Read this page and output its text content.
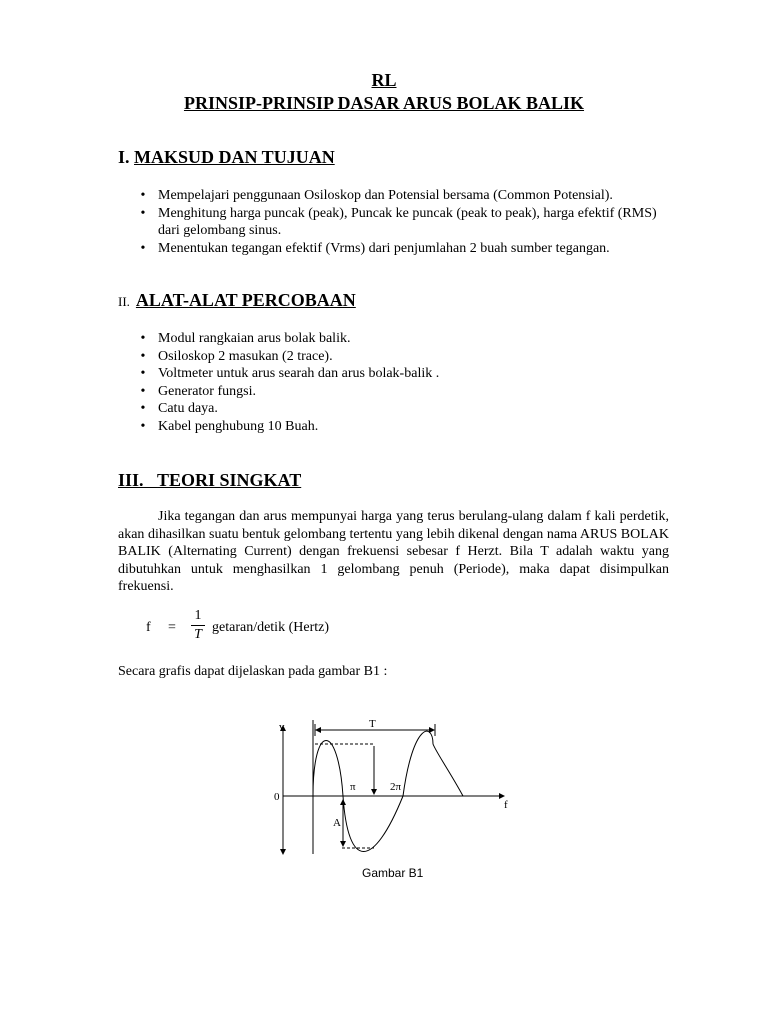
RL
PRINSIP-PRINSIP DASAR ARUS BOLAK BALIK
I. MAKSUD DAN TUJUAN
• Mempelajari penggunaan Osiloskop dan Potensial bersama (Common Potensial).
• Menghitung harga puncak (peak), Puncak ke puncak (peak to peak), harga efektif (RMS) dari gelombang sinus.
• Menentukan tegangan efektif (Vrms) dari penjumlahan 2 buah sumber tegangan.
II. ALAT-ALAT PERCOBAAN
• Modul rangkaian arus bolak balik.
• Osiloskop 2 masukan (2 trace).
• Voltmeter untuk arus searah dan arus bolak-balik .
• Generator fungsi.
• Catu daya.
• Kabel penghubung 10 Buah.
III. TEORI SINGKAT

Jika tegangan dan arus mempunyai harga yang terus berulang-ulang dalam f kali perdetik, akan dihasilkan suatu bentuk gelombang tertentu yang lebih dikenal dengan nama ARUS BOLAK BALIK (Alternating Current) dengan frekuensi sebesar f Herzt. Bila T adalah waktu yang dibutuhkan untuk menghasilkan 1 gelombang penuh (Periode), maka dapat disimpulkan frekuensi.

f =
1
T getaran/detik (Hertz)
Secara grafis dapat dijelaskan pada gambar B1 :
v	T
0
π	2π
f
A
Gambar B1
